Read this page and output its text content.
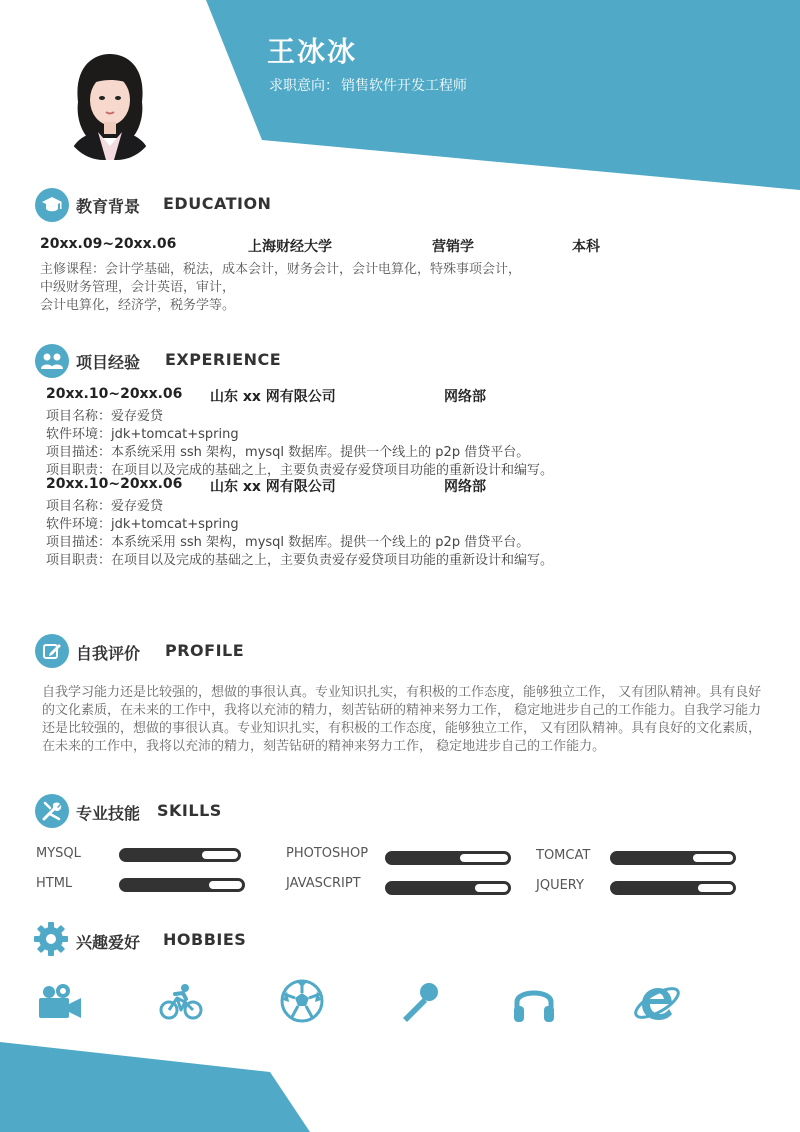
王冰冰
求职意向： 销售软件开发工程师
教育背景 EDUCATION
20xx.09~20xx.06	上海财经大学	营销学	本科
主修课程：会计学基础，税法，成本会计，财务会计，会计电算化，特殊事项会计，
中级财务管理，会计英语，审计，
会计电算化，经济学，税务学等。
项目经验 EXPERIENCE
20xx.10~20xx.06 山东 xx 网有限公司	网络部
项目名称：爱存爱贷
软件环境：jdk+tomcat+spring
项目描述：本系统采用 ssh 架构，mysql 数据库。提供一个线上的 p2p 借贷平台。
项目职责：在项目以及完成的基础之上，主要负责爱存爱贷项目功能的重新设计和编写。
20xx.10~20xx.06 山东 xx 网有限公司	网络部
项目名称：爱存爱贷
软件环境：jdk+tomcat+spring
项目描述：本系统采用 ssh 架构，mysql 数据库。提供一个线上的 p2p 借贷平台。
项目职责：在项目以及完成的基础之上，主要负责爱存爱贷项目功能的重新设计和编写。
自我评价 PROFILE
自我学习能力还是比较强的，想做的事很认真。专业知识扎实，有积极的工作态度，能够独立工作， 又有团队精神。具有良好的文化素质，在未来的工作中，我将以充沛的精力，刻苦钻研的精神来努力工作， 稳定地进步自己的工作能力。自我学习能力还是比较强的，想做的事很认真。专业知识扎实，有积极的工作态度，能够独立工作， 又有团队精神。具有良好的文化素质，在未来的工作中，我将以充沛的精力，刻苦钻研的精神来努力工作， 稳定地进步自己的工作能力。
专业技能 SKILLS
MYSQL	PHOTOSHOP	TOMCAT
HTML	JAVASCRIPT	JQUERY
兴趣爱好 HOBBIES
